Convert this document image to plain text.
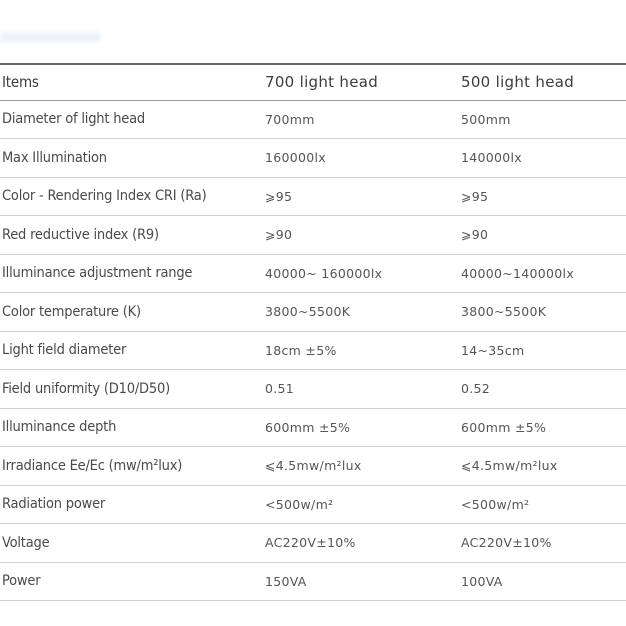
Items	700 light head	500 light head
Diameter of light head	700mm	500mm
Max Illumination	160000lx	140000lx
Color - Rendering Index CRI (Ra)	⩾95	⩾95
Red reductive index (R9)	⩾90	⩾90
Illuminance adjustment range	40000~ 160000lx	40000~140000lx
Color temperature (K)	3800~5500K	3800~5500K
Light field diameter	18cm ±5%	14~35cm
Field uniformity (D10/D50)	0.51	0.52
Illuminance depth	600mm ±5%	600mm ±5%
Irradiance Ee/Ec (mw/m²lux)	⩽4.5mw/m²lux	⩽4.5mw/m²lux
Radiation power	<500w/m²	<500w/m²
Voltage	AC220V±10%	AC220V±10%
Power	150VA	100VA
